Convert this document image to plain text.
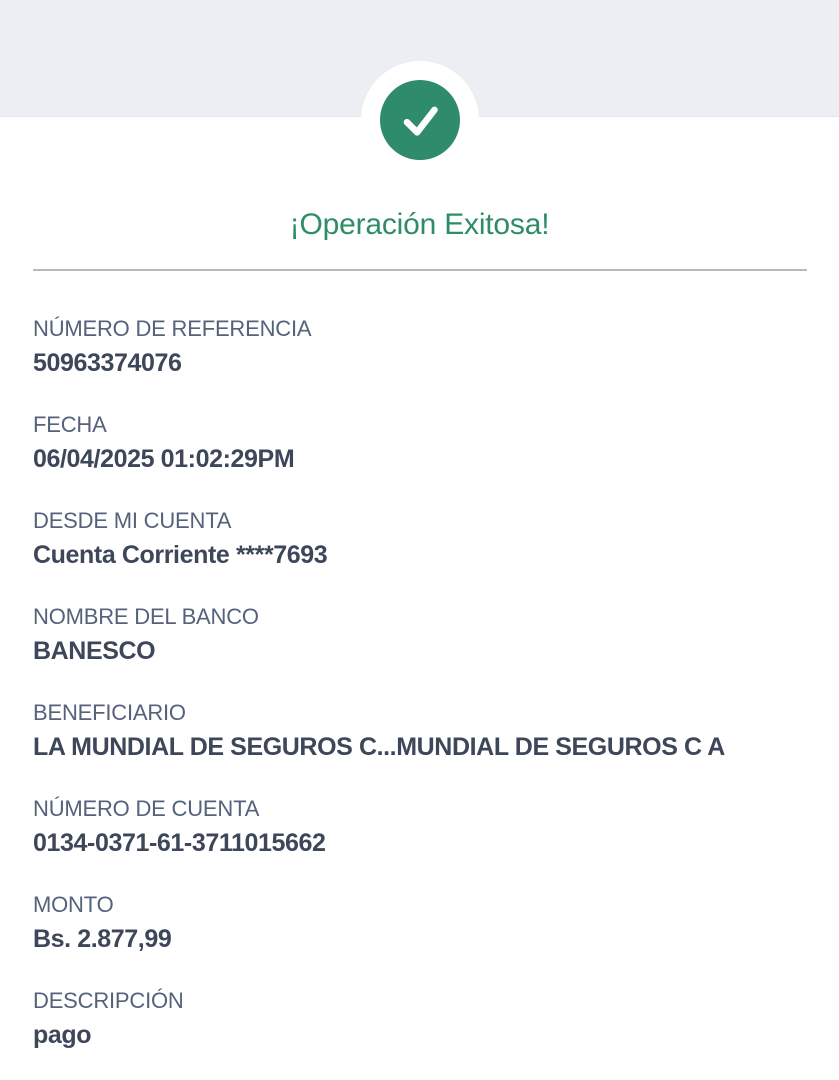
¡Operación Exitosa!
NÚMERO DE REFERENCIA
50963374076
FECHA
06/04/2025 01:02:29PM
DESDE MI CUENTA
Cuenta Corriente ****7693
NOMBRE DEL BANCO
BANESCO
BENEFICIARIO
LA MUNDIAL DE SEGUROS C...MUNDIAL DE SEGUROS C A
NÚMERO DE CUENTA
0134-0371-61-3711015662
MONTO
Bs. 2.877,99
DESCRIPCIÓN
pago
